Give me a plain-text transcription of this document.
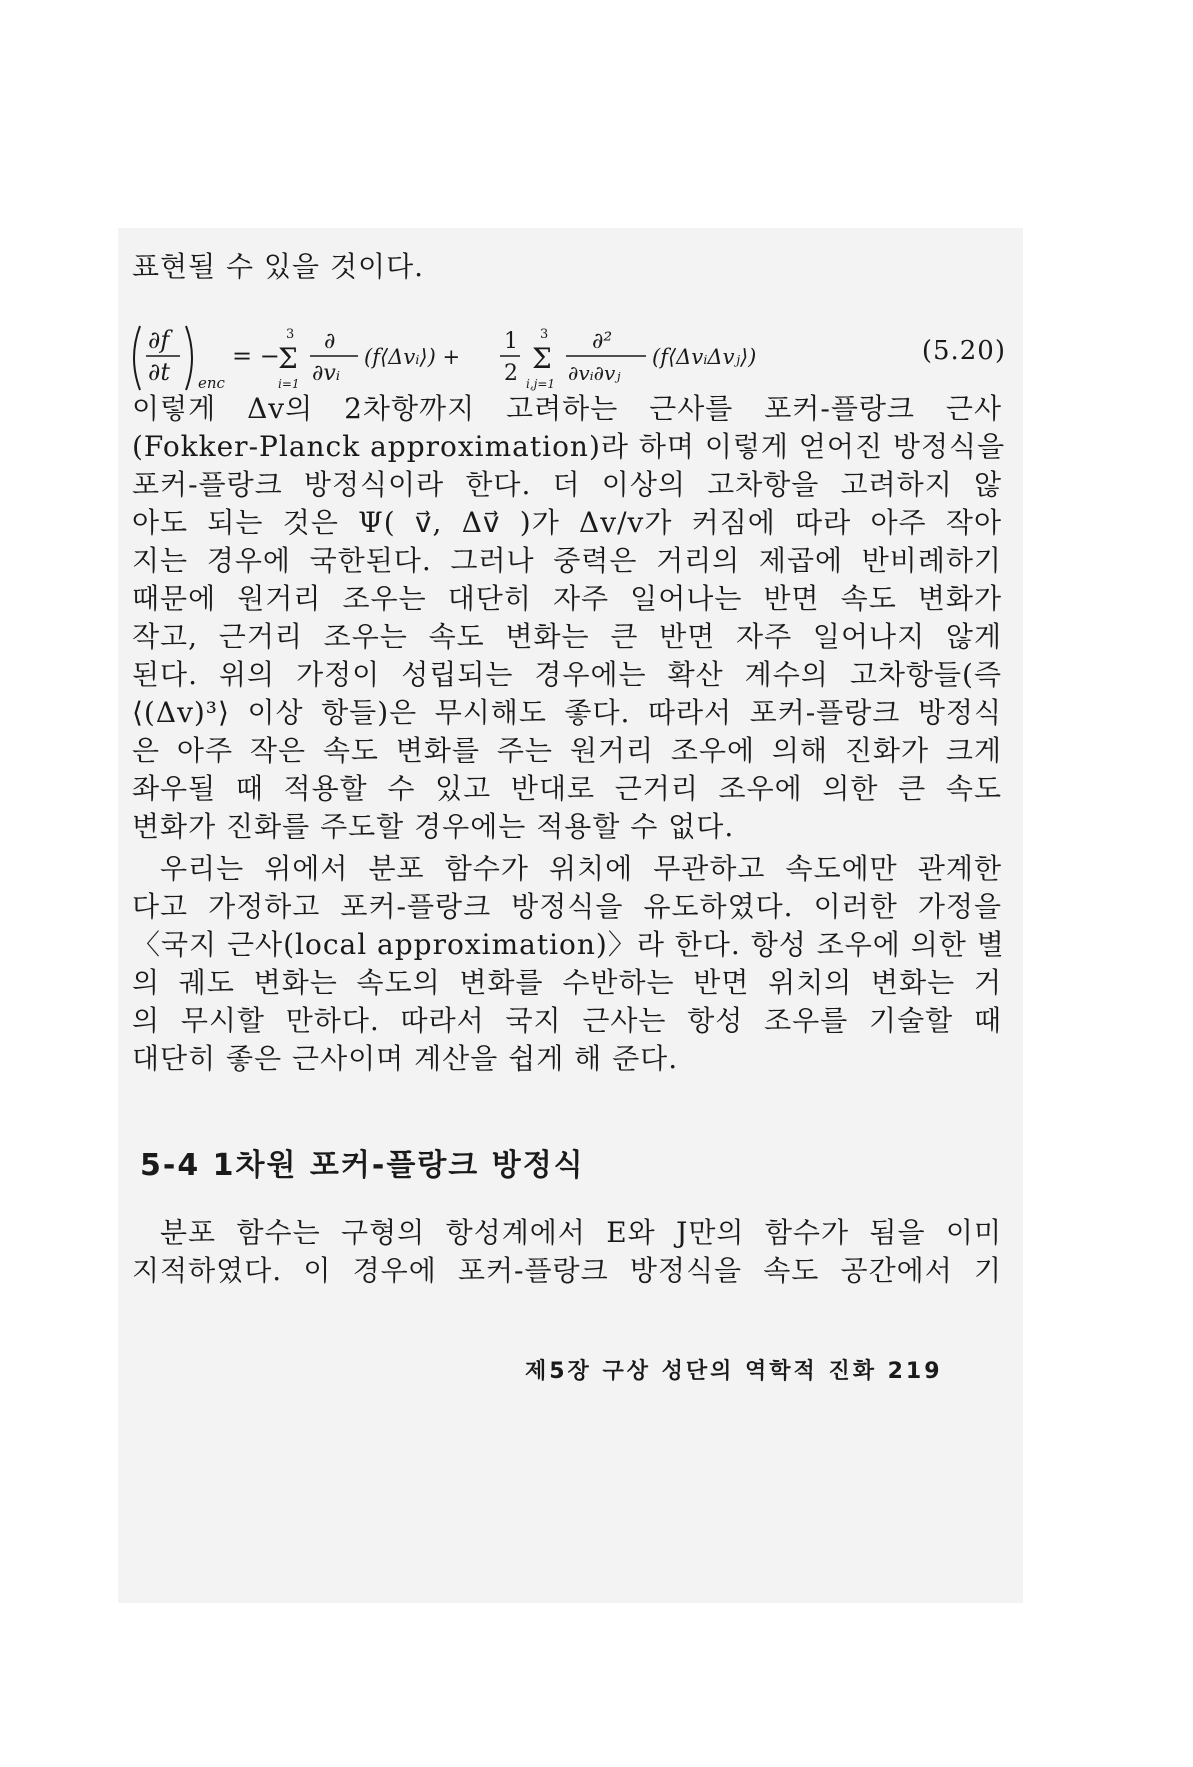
표현될 수 있을 것이다.
∂f
∂t enc
= −
3
Σ
i=1
∂
∂vᵢ
(f⟨Δvᵢ⟩) +
1
2
3
Σ
i,j=1
∂²
∂vᵢ∂vⱼ
(f⟨ΔvᵢΔvⱼ⟩)	(5.20)
이렇게 Δv의 2차항까지 고려하는 근사를 포커-플랑크 근사
(Fokker-Planck approximation)라 하며 이렇게 얻어진 방정식을
포커-플랑크 방정식이라 한다. 더 이상의 고차항을 고려하지 않
아도 되는 것은 Ψ( v⃗, Δv⃗ )가 Δv/v가 커짐에 따라 아주 작아
지는 경우에 국한된다. 그러나 중력은 거리의 제곱에 반비례하기
때문에 원거리 조우는 대단히 자주 일어나는 반면 속도 변화가
작고, 근거리 조우는 속도 변화는 큰 반면 자주 일어나지 않게
된다. 위의 가정이 성립되는 경우에는 확산 계수의 고차항들(즉
⟨(Δv)³⟩ 이상 항들)은 무시해도 좋다. 따라서 포커-플랑크 방정식
은 아주 작은 속도 변화를 주는 원거리 조우에 의해 진화가 크게
좌우될 때 적용할 수 있고 반대로 근거리 조우에 의한 큰 속도
변화가 진화를 주도할 경우에는 적용할 수 없다.
우리는 위에서 분포 함수가 위치에 무관하고 속도에만 관계한
다고 가정하고 포커-플랑크 방정식을 유도하였다. 이러한 가정을
〈국지 근사(local approximation)〉라 한다. 항성 조우에 의한 별
의 궤도 변화는 속도의 변화를 수반하는 반면 위치의 변화는 거
의 무시할 만하다. 따라서 국지 근사는 항성 조우를 기술할 때
대단히 좋은 근사이며 계산을 쉽게 해 준다.
5-4 1차원 포커-플랑크 방정식
분포 함수는 구형의 항성계에서 E와 J만의 함수가 됨을 이미
지적하였다. 이 경우에 포커-플랑크 방정식을 속도 공간에서 기
제5장 구상 성단의 역학적 진화 219
